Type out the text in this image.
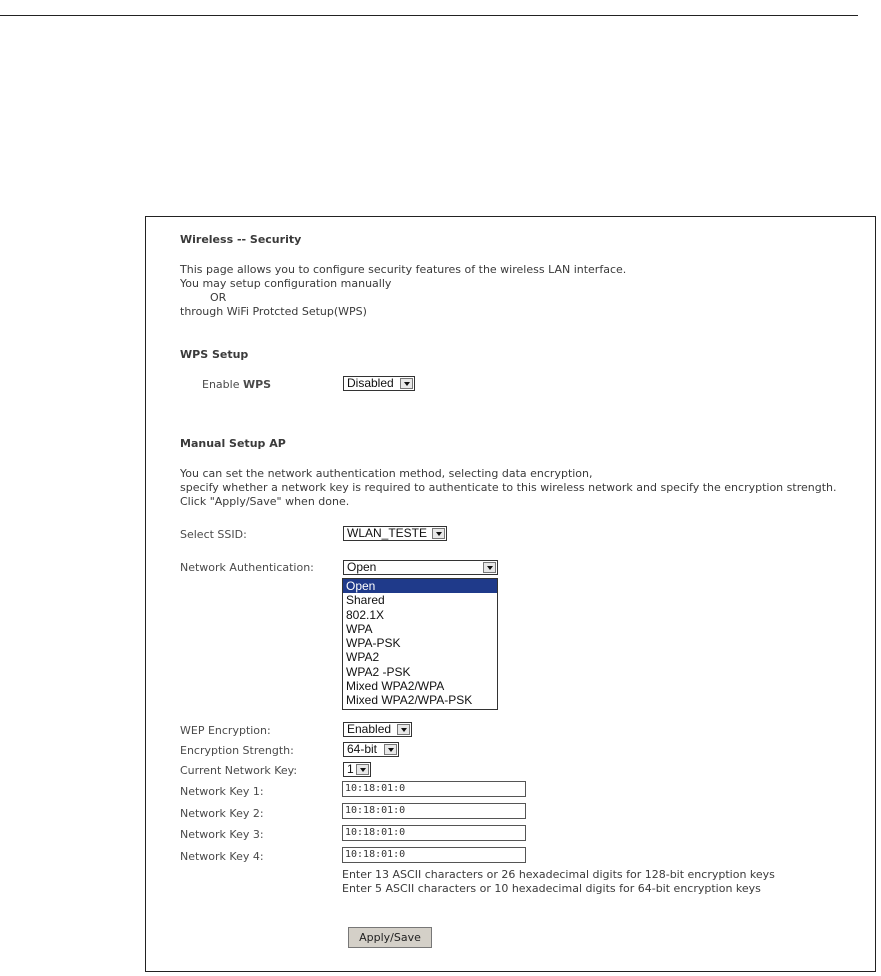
Wireless -- Security
This page allows you to configure security features of the wireless LAN interface.
You may setup configuration manually
OR
through WiFi Protcted Setup(WPS)
WPS Setup
Enable WPS	Disabled
Manual Setup AP
You can set the network authentication method, selecting data encryption,
specify whether a network key is required to authenticate to this wireless network and specify the encryption strength.
Click "Apply/Save" when done.
Select SSID:	WLAN_TESTE
Network Authentication:	Open
Open
Shared
802.1X
WPA
WPA-PSK
WPA2
WPA2 -PSK
Mixed WPA2/WPA
Mixed WPA2/WPA-PSK
WEP Encryption:	Enabled
Encryption Strength:	64-bit
Current Network Key:	1
Network Key 1:	10:18:01:0
Network Key 2:	10:18:01:0
Network Key 3:	10:18:01:0
Network Key 4:	10:18:01:0
Enter 13 ASCII characters or 26 hexadecimal digits for 128-bit encryption keys
Enter 5 ASCII characters or 10 hexadecimal digits for 64-bit encryption keys
Apply/Save
